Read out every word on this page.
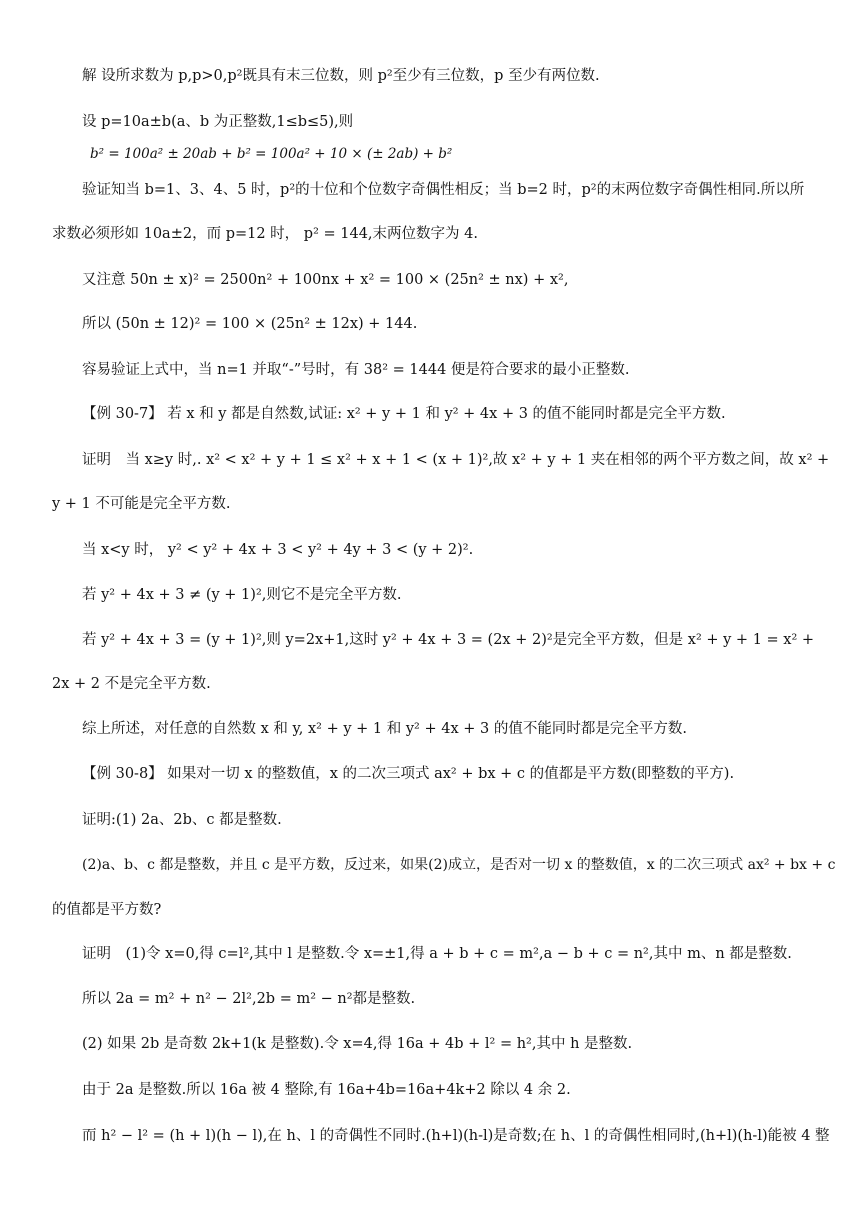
解 设所求数为 p,p>0,p²既具有末三位数，则 p²至少有三位数，p 至少有两位数.
设 p=10a±b(a、b 为正整数,1≤b≤5),则
b² = 100a² ± 20ab + b² = 100a² + 10 × (± 2ab) + b²
验证知当 b=1、3、4、5 时，p²的十位和个位数字奇偶性相反；当 b=2 时，p²的末两位数字奇偶性相同.所以所
求数必须形如 10a±2，而 p=12 时， p² = 144,末两位数字为 4.
又注意 50n ± x)² = 2500n² + 100nx + x² = 100 × (25n² ± nx) + x²,
所以 (50n ± 12)² = 100 × (25n² ± 12x) + 144.
容易验证上式中，当 n=1 并取“-”号时，有 38² = 1444 便是符合要求的最小正整数.
【例 30-7】 若 x 和 y 都是自然数,试证: x² + y + 1 和 y² + 4x + 3 的值不能同时都是完全平方数.
证明　当 x≥y 时,. x² < x² + y + 1 ≤ x² + x + 1 < (x + 1)²,故 x² + y + 1 夹在相邻的两个平方数之间，故 x² +
y + 1 不可能是完全平方数.
当 x<y 时， y² < y² + 4x + 3 < y² + 4y + 3 < (y + 2)².
若 y² + 4x + 3 ≠ (y + 1)²,则它不是完全平方数.
若 y² + 4x + 3 = (y + 1)²,则 y=2x+1,这时 y² + 4x + 3 = (2x + 2)²是完全平方数，但是 x² + y + 1 = x² +
2x + 2 不是完全平方数.
综上所述，对任意的自然数 x 和 y, x² + y + 1 和 y² + 4x + 3 的值不能同时都是完全平方数.
【例 30-8】 如果对一切 x 的整数值，x 的二次三项式 ax² + bx + c 的值都是平方数(即整数的平方).
证明:(1) 2a、2b、c 都是整数.
(2)a、b、c 都是整数，并且 c 是平方数，反过来，如果(2)成立，是否对一切 x 的整数值，x 的二次三项式 ax² + bx + c
的值都是平方数?
证明　(1)令 x=0,得 c=l²,其中 l 是整数.令 x=±1,得 a + b + c = m²,a − b + c = n²,其中 m、n 都是整数.
所以 2a = m² + n² − 2l²,2b = m² − n²都是整数.
(2) 如果 2b 是奇数 2k+1(k 是整数).令 x=4,得 16a + 4b + l² = h²,其中 h 是整数.
由于 2a 是整数.所以 16a 被 4 整除,有 16a+4b=16a+4k+2 除以 4 余 2.
而 h² − l² = (h + l)(h − l),在 h、l 的奇偶性不同时.(h+l)(h-l)是奇数;在 h、l 的奇偶性相同时,(h+l)(h-l)能被 4 整
